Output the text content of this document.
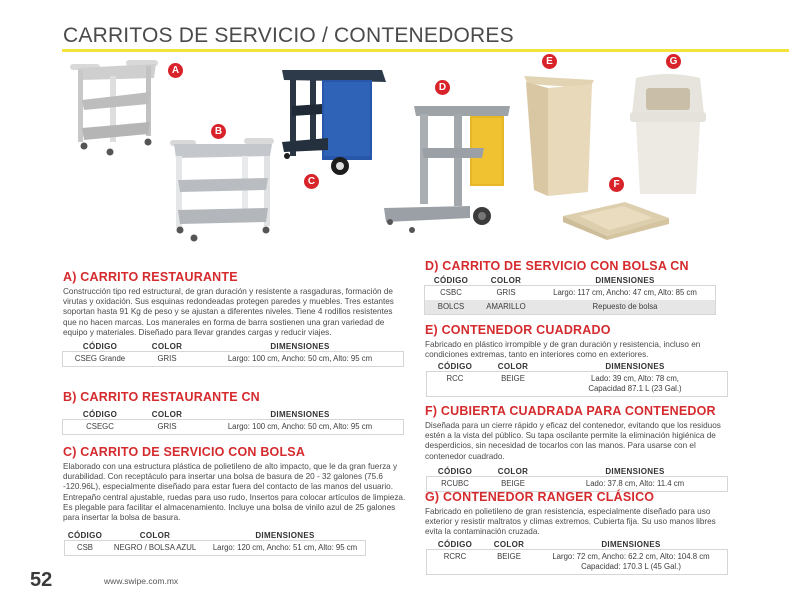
CARRITOS DE SERVICIO / CONTENEDORES
A
B
C
D
E	G
F
A) CARRITO RESTAURANTE

Construcción tipo red estructural, de gran duración y resistente a rasgaduras, formación de virutas y oxidación. Sus esquinas redondeadas protegen paredes y muebles. Tres estantes soportan hasta 91 Kg de peso y se ajustan a diferentes niveles. Tiene 4 rodillos resistentes que no hacen marcas. Los manerales en forma de barra sostienen una gran variedad de equipo y materiales. Diseñado para llevar grandes cargas y reducir viajes.

CÓDIGO	COLOR	DIMENSIONES
CSEG Grande	GRIS	Largo: 100 cm, Ancho: 50 cm, Alto: 95 cm
B) CARRITO RESTAURANTE CN
CÓDIGO	COLOR	DIMENSIONES
CSEGC	GRIS	Largo: 100 cm, Ancho: 50 cm, Alto: 95 cm
C) CARRITO DE SERVICIO CON BOLSA

Elaborado con una estructura plástica de polietileno de alto impacto, que le da gran fuerza y durabilidad. Con receptáculo para insertar una bolsa de basura de 20 - 32 galones (75.6 -120.96L), especialmente diseñado para estar fuera del contacto de las manos del usuario. Entrepaño central ajustable, ruedas para uso rudo, Insertos para colocar artículos de limpieza. Es plegable para facilitar el almacenamiento. Incluye una bolsa de vinilo azul de 25 galones para insertar la bolsa de basura.

CÓDIGO	COLOR	DIMENSIONES
CSB	NEGRO / BOLSA AZUL	Largo: 120 cm, Ancho: 51 cm, Alto: 95 cm
D) CARRITO DE SERVICIO CON BOLSA CN
CÓDIGO	COLOR	DIMENSIONES
CSBC	GRIS	Largo: 117 cm, Ancho: 47 cm, Alto: 85 cm
BOLCS	AMARILLO	Repuesto de bolsa
E) CONTENEDOR CUADRADO

Fabricado en plástico irrompible y de gran duración y resistencia, incluso en condiciones extremas, tanto en interiores como en exteriores.

CÓDIGO	COLOR	DIMENSIONES
RCC	BEIGE	Lado: 39 cm, Alto: 78 cm,
Capacidad 87.1 L (23 Gal.)
F) CUBIERTA CUADRADA PARA CONTENEDOR

Diseñada para un cierre rápido y eficaz del contenedor, evitando que los residuos estén a la vista del público. Su tapa oscilante permite la eliminación higiénica de desperdicios, sin necesidad de tocarlos con las manos. Para usarse con el contenedor cuadrado.

CÓDIGO	COLOR	DIMENSIONES
RCUBC	BEIGE	Lado: 37.8 cm, Alto: 11.4 cm
G) CONTENEDOR RANGER CLÁSICO

Fabricado en polietileno de gran resistencia, especialmente diseñado para uso exterior y resistir maltratos y climas extremos. Cubierta fija. Su uso manos libres evita la contaminación cruzada.

CÓDIGO	COLOR	DIMENSIONES
RCRC	BEIGE	Largo: 72 cm, Ancho: 62.2 cm, Alto: 104.8 cm
Capacidad: 170.3 L (45 Gal.)
52	www.swipe.com.mx
